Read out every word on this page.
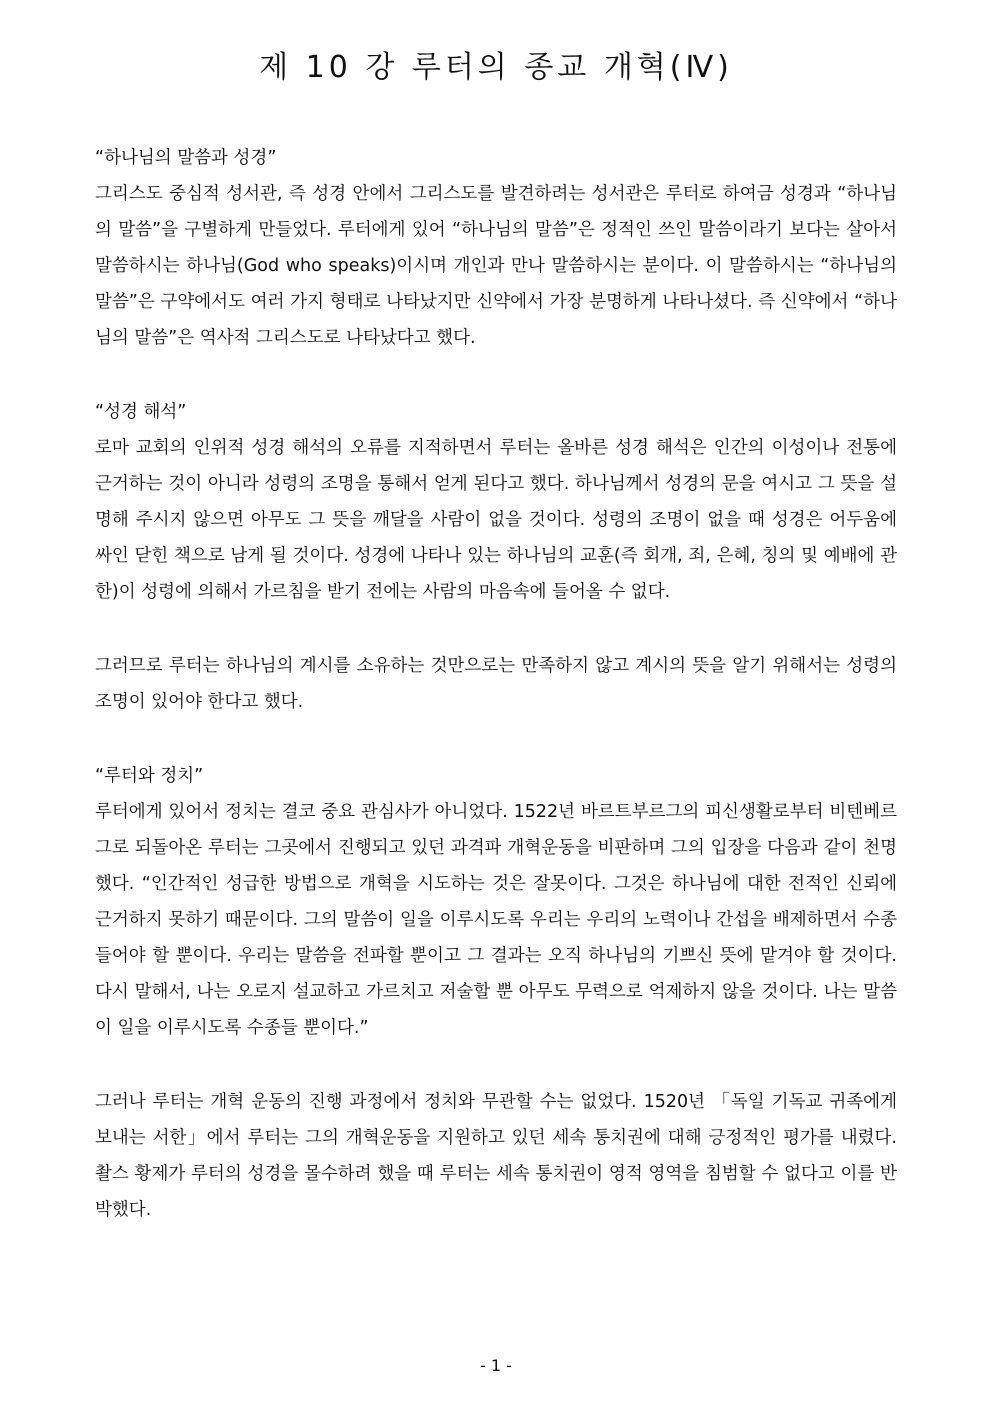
제 10 강 루터의 종교 개혁(Ⅳ)

“하나님의 말씀과 성경”

그리스도 중심적 성서관, 즉 성경 안에서 그리스도를 발견하려는 성서관은 루터로 하여금 성경과 “하나님의 말씀”을 구별하게 만들었다. 루터에게 있어 “하나님의 말씀”은 정적인 쓰인 말씀이라기 보다는 살아서 말씀하시는 하나님(God who speaks)이시며 개인과 만나 말씀하시는 분이다. 이 말씀하시는 “하나님의 말씀”은 구약에서도 여러 가지 형태로 나타났지만 신약에서 가장 분명하게 나타나셨다. 즉 신약에서 “하나님의 말씀”은 역사적 그리스도로 나타났다고 했다.

“성경 해석”

로마 교회의 인위적 성경 해석의 오류를 지적하면서 루터는 올바른 성경 해석은 인간의 이성이나 전통에 근거하는 것이 아니라 성령의 조명을 통해서 얻게 된다고 했다. 하나님께서 성경의 문을 여시고 그 뜻을 설명해 주시지 않으면 아무도 그 뜻을 깨달을 사람이 없을 것이다. 성령의 조명이 없을 때 성경은 어두움에 싸인 닫힌 책으로 남게 될 것이다. 성경에 나타나 있는 하나님의 교훈(즉 회개, 죄, 은혜, 칭의 및 예배에 관한)이 성령에 의해서 가르침을 받기 전에는 사람의 마음속에 들어올 수 없다.

그러므로 루터는 하나님의 계시를 소유하는 것만으로는 만족하지 않고 계시의 뜻을 알기 위해서는 성령의 조명이 있어야 한다고 했다.

“루터와 정치”

루터에게 있어서 정치는 결코 중요 관심사가 아니었다. 1522년 바르트부르그의 피신생활로부터 비텐베르그로 되돌아온 루터는 그곳에서 진행되고 있던 과격파 개혁운동을 비판하며 그의 입장을 다음과 같이 천명했다. “인간적인 성급한 방법으로 개혁을 시도하는 것은 잘못이다. 그것은 하나님에 대한 전적인 신뢰에 근거하지 못하기 때문이다. 그의 말씀이 일을 이루시도록 우리는 우리의 노력이나 간섭을 배제하면서 수종들어야 할 뿐이다. 우리는 말씀을 전파할 뿐이고 그 결과는 오직 하나님의 기쁘신 뜻에 맡겨야 할 것이다. 다시 말해서, 나는 오로지 설교하고 가르치고 저술할 뿐 아무도 무력으로 억제하지 않을 것이다. 나는 말씀이 일을 이루시도록 수종들 뿐이다.”

그러나 루터는 개혁 운동의 진행 과정에서 정치와 무관할 수는 없었다. 1520년 「독일 기독교 귀족에게 보내는 서한」에서 루터는 그의 개혁운동을 지원하고 있던 세속 통치권에 대해 긍정적인 평가를 내렸다. 촬스 황제가 루터의 성경을 몰수하려 했을 때 루터는 세속 통치권이 영적 영역을 침범할 수 없다고 이를 반박했다.

- 1 -
